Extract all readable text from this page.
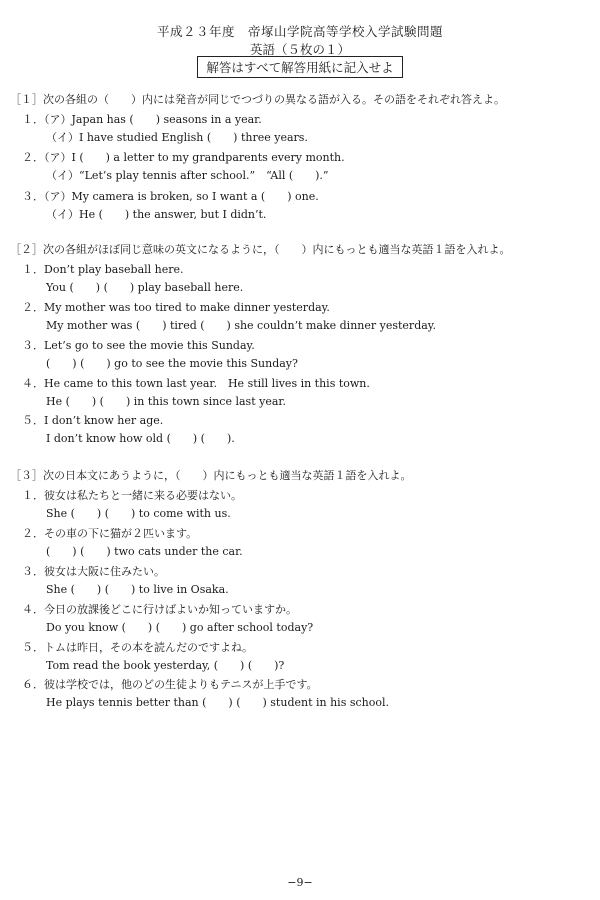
平成２３年度　帝塚山学院高等学校入学試験問題
英語（５枚の１）
解答はすべて解答用紙に記入せよ
［１］次の各組の（　　）内には発音が同じでつづりの異なる語が入る。その語をそれぞれ答えよ。
１．（ア）Japan has (　　) seasons in a year.
（イ）I have studied English (　　) three years.
２．（ア）I (　　) a letter to my grandparents every month.
（イ）“Let’s play tennis after school.”　“All (　　).”
３．（ア）My camera is broken, so I want a (　　) one.
（イ）He (　　) the answer, but I didn’t.
［２］次の各組がほぼ同じ意味の英文になるように，（　　）内にもっとも適当な英語１語を入れよ。
１．Don’t play baseball here.
You (　　) (　　) play baseball here.
２．My mother was too tired to make dinner yesterday.
My mother was (　　) tired (　　) she couldn’t make dinner yesterday.
３．Let’s go to see the movie this Sunday.
(　　) (　　) go to see the movie this Sunday?
４．He came to this town last year.　He still lives in this town.
He (　　) (　　) in this town since last year.
５．I don’t know her age.
I don’t know how old (　　) (　　).
［３］次の日本文にあうように，（　　）内にもっとも適当な英語１語を入れよ。
１．彼女は私たちと一緒に来る必要はない。
She (　　) (　　) to come with us.
２．その車の下に猫が２匹います。
(　　) (　　) two cats under the car.
３．彼女は大阪に住みたい。
She (　　) (　　) to live in Osaka.
４．今日の放課後どこに行けばよいか知っていますか。
Do you know (　　) (　　) go after school today?
５．トムは昨日，その本を読んだのですよね。
Tom read the book yesterday, (　　) (　　)?
６．彼は学校では，他のどの生徒よりもテニスが上手です。
He plays tennis better than (　　) (　　) student in his school.
−9−
